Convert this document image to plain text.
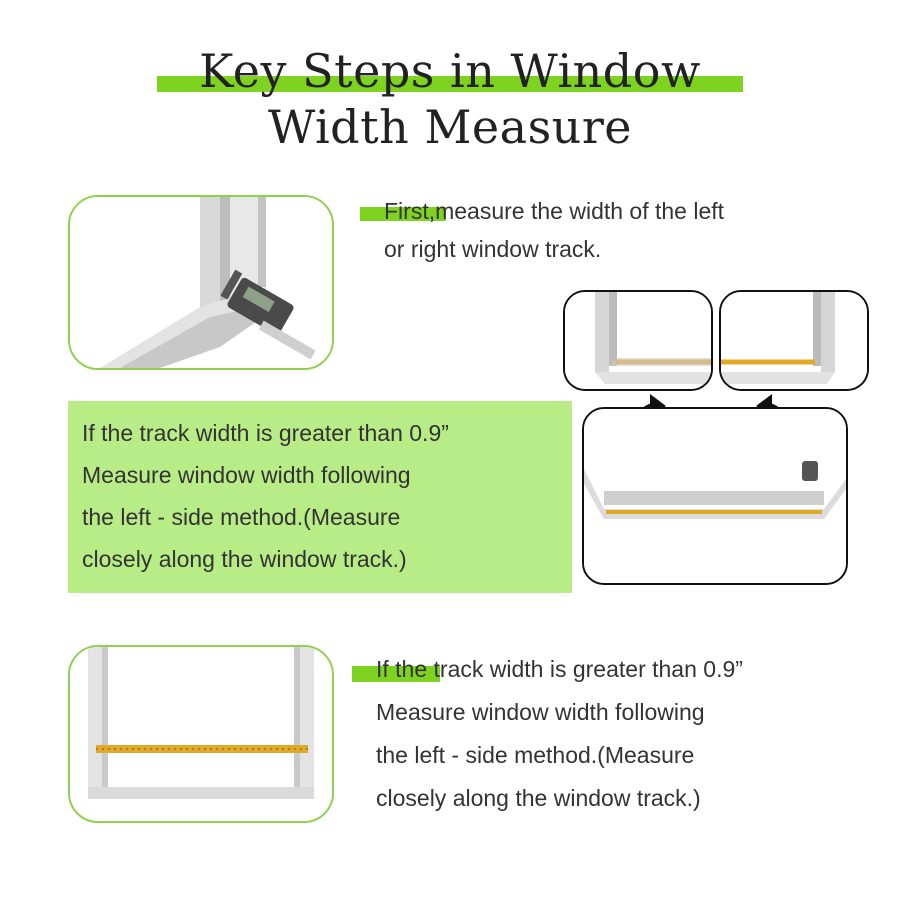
Key Steps in Window
Width Measure
First,measure the width of the left
or right window track.
If the track width is greater than 0.9”
Measure window width following
the left - side method.(Measure
closely along the window track.)
If the track width is greater than 0.9”
Measure window width following
the left - side method.(Measure
closely along the window track.)
